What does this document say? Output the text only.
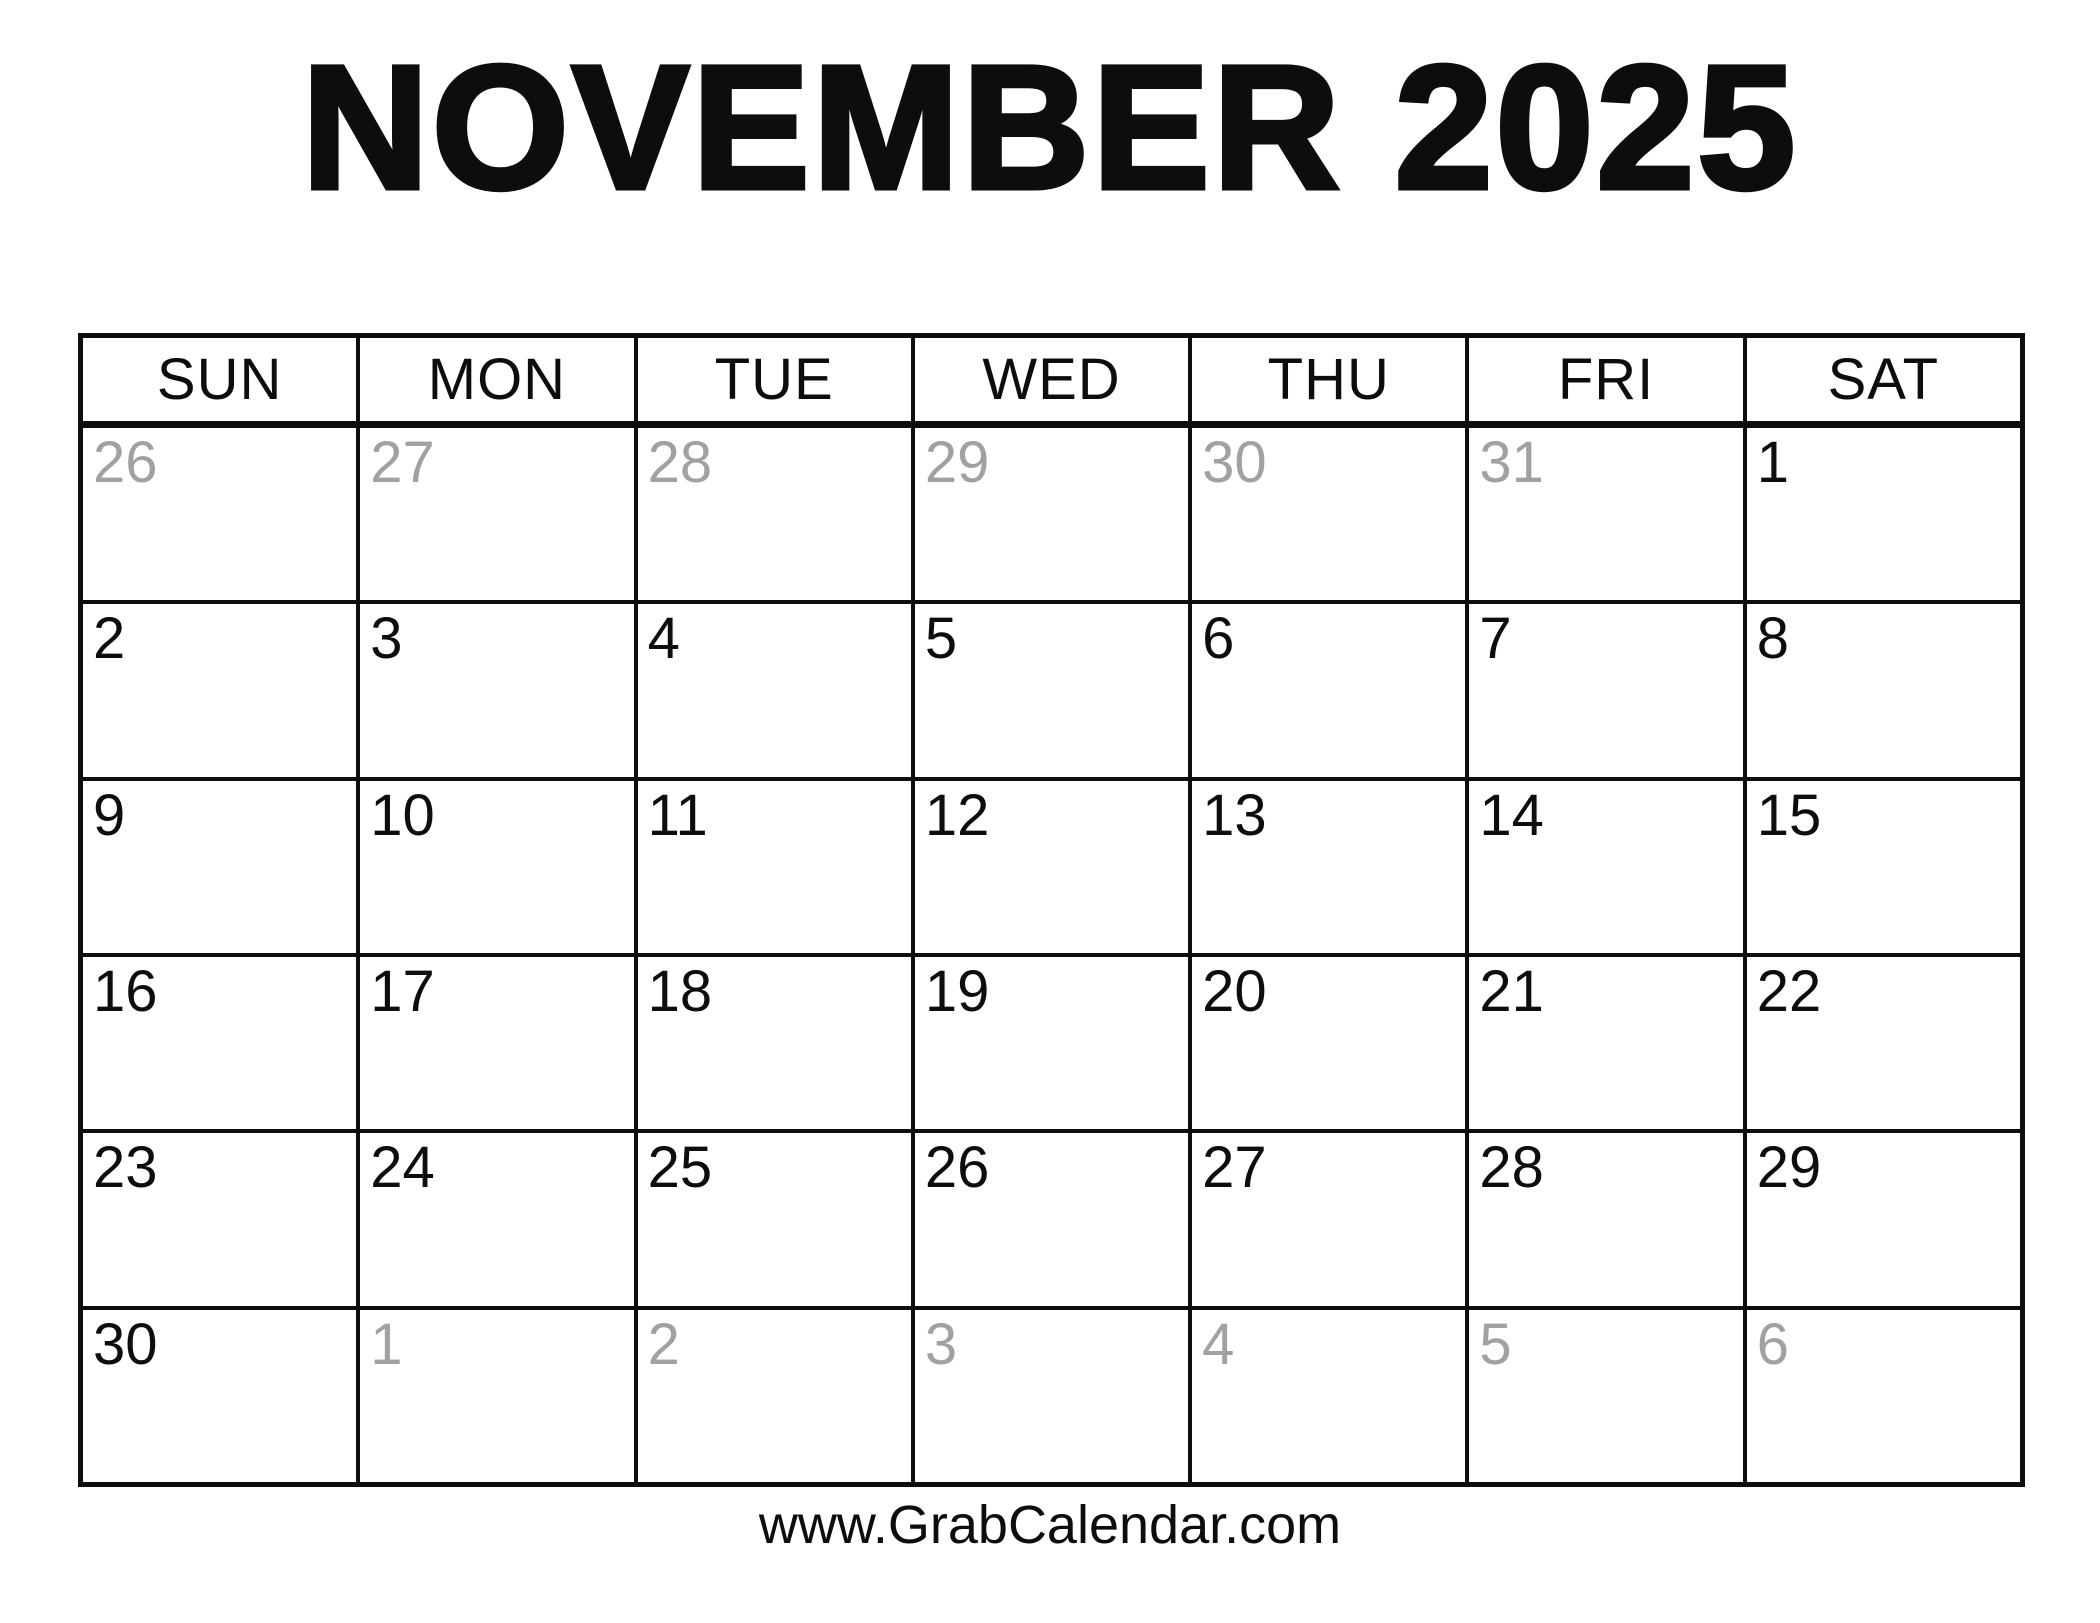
NOVEMBER 2025
SUN	MON	TUE	WED	THU	FRI	SAT
26	27	28	29	30	31	1
2	3	4	5	6	7	8
9	10	11	12	13	14	15
16	17	18	19	20	21	22
23	24	25	26	27	28	29
30	1	2	3	4	5	6
www.GrabCalendar.com
